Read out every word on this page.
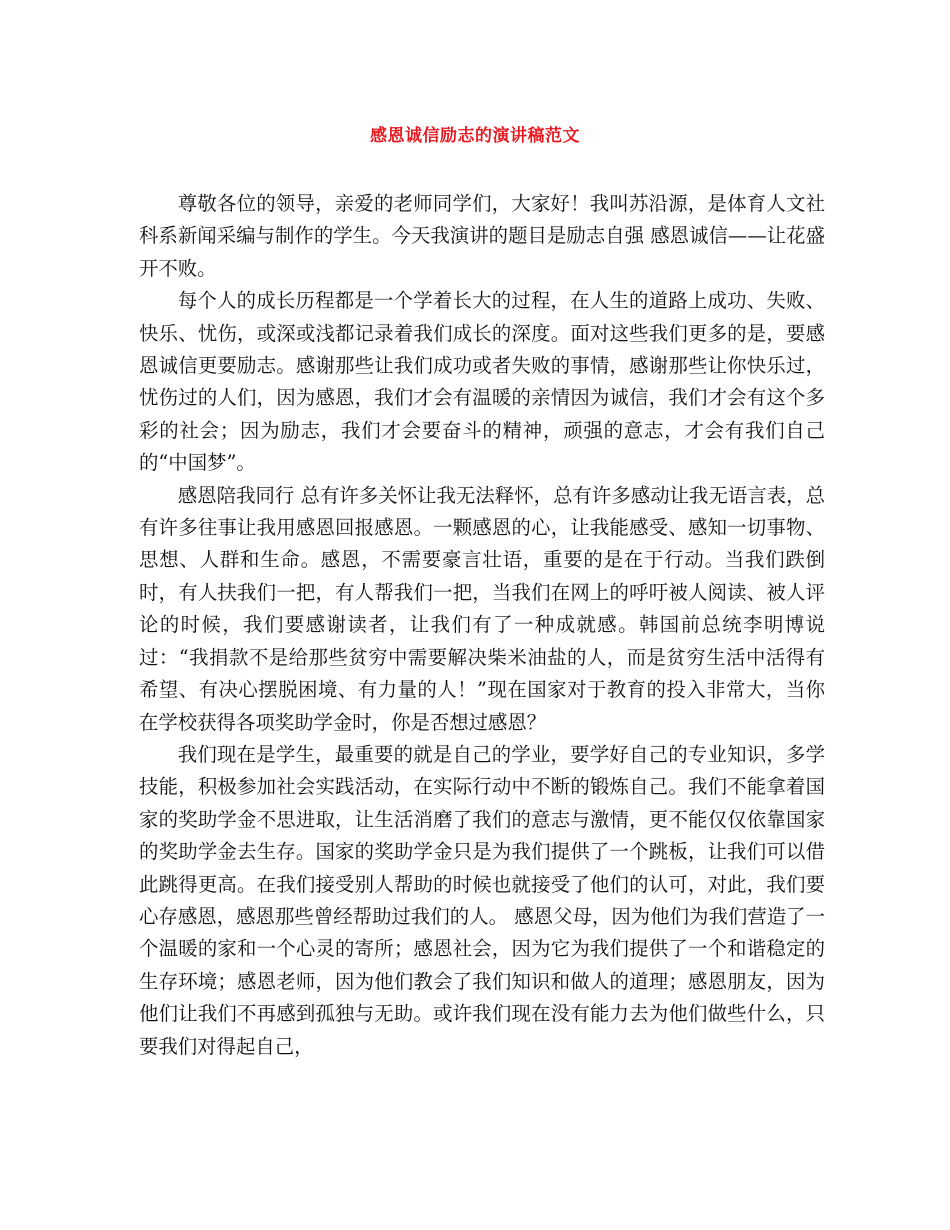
感恩诚信励志的演讲稿范文

尊敬各位的领导，亲爱的老师同学们，大家好！我叫苏沿源，是体育人文社科系新闻采编与制作的学生。今天我演讲的题目是励志自强 感恩诚信——让花盛开不败。

每个人的成长历程都是一个学着长大的过程，在人生的道路上成功、失败、快乐、忧伤，或深或浅都记录着我们成长的深度。面对这些我们更多的是，要感恩诚信更要励志。感谢那些让我们成功或者失败的事情，感谢那些让你快乐过，忧伤过的人们，因为感恩，我们才会有温暖的亲情因为诚信，我们才会有这个多彩的社会；因为励志，我们才会要奋斗的精神，顽强的意志，才会有我们自己的“中国梦”。

感恩陪我同行 总有许多关怀让我无法释怀，总有许多感动让我无语言表，总有许多往事让我用感恩回报感恩。一颗感恩的心，让我能感受、感知一切事物、思想、人群和生命。感恩，不需要豪言壮语，重要的是在于行动。当我们跌倒时，有人扶我们一把，有人帮我们一把，当我们在网上的呼吁被人阅读、被人评论的时候，我们要感谢读者，让我们有了一种成就感。韩国前总统李明博说过：“我捐款不是给那些贫穷中需要解决柴米油盐的人，而是贫穷生活中活得有希望、有决心摆脱困境、有力量的人！”现在国家对于教育的投入非常大，当你在学校获得各项奖助学金时，你是否想过感恩？

我们现在是学生，最重要的就是自己的学业，要学好自己的专业知识，多学技能，积极参加社会实践活动，在实际行动中不断的锻炼自己。我们不能拿着国家的奖助学金不思进取，让生活消磨了我们的意志与激情，更不能仅仅依靠国家的奖助学金去生存。国家的奖助学金只是为我们提供了一个跳板，让我们可以借此跳得更高。在我们接受别人帮助的时候也就接受了他们的认可，对此，我们要心存感恩，感恩那些曾经帮助过我们的人。 感恩父母，因为他们为我们营造了一个温暖的家和一个心灵的寄所；感恩社会，因为它为我们提供了一个和谐稳定的生存环境；感恩老师，因为他们教会了我们知识和做人的道理；感恩朋友，因为他们让我们不再感到孤独与无助。或许我们现在没有能力去为他们做些什么，只要我们对得起自己，
